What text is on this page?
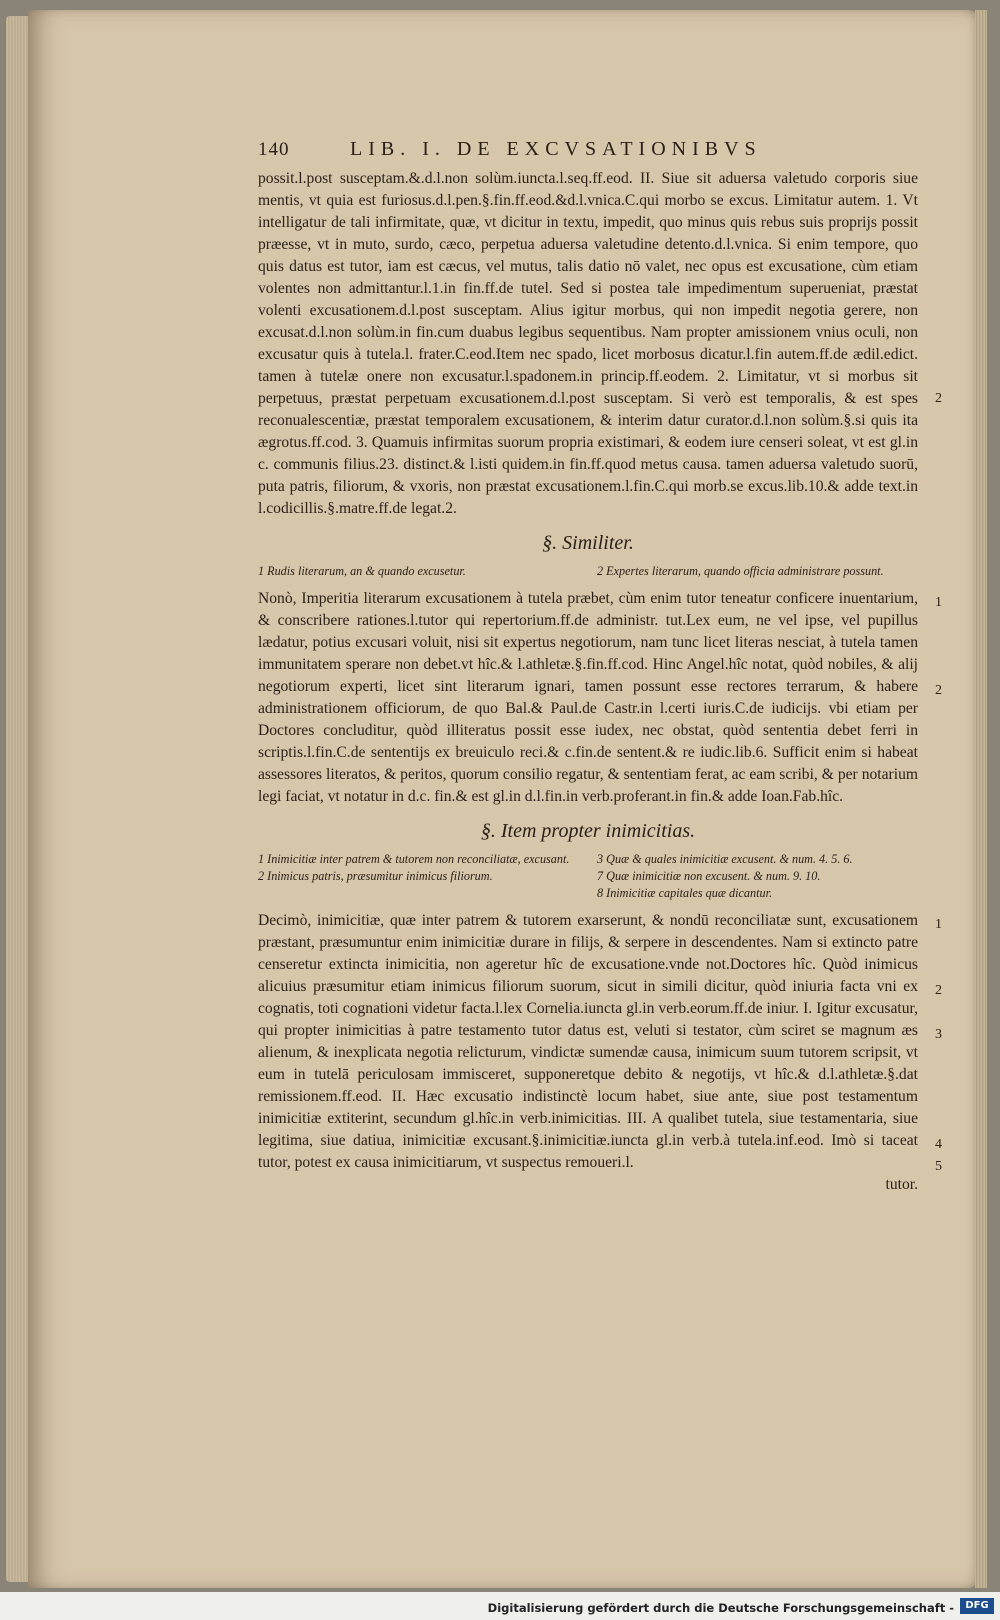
140	LIB. I. DE EXCVSATIONIBVS

possit.l.post susceptam.&.d.l.non solùm.iuncta.l.seq.ff.eod. II. Siue sit aduersa valetudo corporis siue mentis, vt quia est furiosus.d.l.pen.§.fin.ff.eod.&d.l.vnica.C.qui morbo se excus. Limitatur autem. 1. Vt intelligatur de tali infirmitate, quæ, vt dicitur in textu, impedit, quo minus quis rebus suis proprijs possit præesse, vt in muto, surdo, cæco, perpetua aduersa valetudine detento.d.l.vnica. Si enim tempore, quo quis datus est tutor, iam est cæcus, vel mutus, talis datio nō valet, nec opus est excusatione, cùm etiam volentes non admittantur.l.1.in fin.ff.de tutel. Sed si postea tale impedimentum superueniat, præstat volenti excusationem.d.l.post susceptam. Alius igitur morbus, qui non impedit negotia gerere, non excusat.d.l.non solùm.in fin.cum duabus legibus sequentibus. Nam propter amissionem vnius oculi, non excusatur quis à tutela.l. frater.C.eod.Item nec spado, licet morbosus dicatur.l.fin autem.ff.de ædil.edict. tamen à tutelæ onere non excusatur.l.spadonem.in princip.ff.eodem. 2. Limitatur, vt si morbus sit perpetuus, præstat perpetuam excusationem.d.l.post susceptam. Si verò est temporalis, & est spes reconualescentiæ, præstat temporalem excusationem, & interim datur curator.d.l.non solùm.§.si quis ita ægrotus.ff.cod. 3. Quamuis infirmitas suorum propria existimari, & eodem iure censeri soleat, vt est gl.in c. communis filius.23. distinct.& l.isti quidem.in fin.ff.quod metus causa. tamen aduersa valetudo suorū, puta patris, filiorum, & vxoris, non præstat excusationem.l.fin.C.qui morb.se excus.lib.10.& adde text.in l.codicillis.§.matre.ff.de legat.2.
2

§. Similiter.
1 Rudis literarum, an & quando excusetur.	2 Expertes literarum, quando officia administrare possunt.

Nonò, Imperitia literarum excusationem à tutela præbet, cùm enim tutor teneatur conficere inuentarium, & conscribere rationes.l.tutor qui repertorium.ff.de administr. tut.Lex eum, ne vel ipse, vel pupillus lædatur, potius excusari voluit, nisi sit expertus negotiorum, nam tunc licet literas nesciat, à tutela tamen immunitatem sperare non debet.vt hîc.& l.athletæ.§.fin.ff.cod. Hinc Angel.hîc notat, quòd nobiles, & alij negotiorum experti, licet sint literarum ignari, tamen possunt esse rectores terrarum, & habere administrationem officiorum, de quo Bal.& Paul.de Castr.in l.certi iuris.C.de iudicijs. vbi etiam per Doctores concluditur, quòd illiteratus possit esse iudex, nec obstat, quòd sententia debet ferri in scriptis.l.fin.C.de sententijs ex breuiculo reci.& c.fin.de sentent.& re iudic.lib.6. Sufficit enim si habeat assessores literatos, & peritos, quorum consilio regatur, & sententiam ferat, ac eam scribi, & per notarium legi faciat, vt notatur in d.c. fin.& est gl.in d.l.fin.in verb.proferant.in fin.& adde Ioan.Fab.hîc.
1
2

§. Item propter inimicitias.
1 Inimicitiæ inter patrem & tutorem non reconciliatæ, excusant.	3 Quæ & quales inimicitiæ excusent. & num. 4. 5. 6.
2 Inimicus patris, præsumitur inimicus filiorum.	7 Quæ inimicitiæ non excusent. & num. 9. 10.
8 Inimicitiæ capitales quæ dicantur.

Decimò, inimicitiæ, quæ inter patrem & tutorem exarserunt, & nondū reconciliatæ sunt, excusationem præstant, præsumuntur enim inimicitiæ durare in filijs, & serpere in descendentes. Nam si extincto patre censeretur extincta inimicitia, non ageretur hîc de excusatione.vnde not.Doctores hîc. Quòd inimicus alicuius præsumitur etiam inimicus filiorum suorum, sicut in simili dicitur, quòd iniuria facta vni ex cognatis, toti cognationi videtur facta.l.lex Cornelia.iuncta gl.in verb.eorum.ff.de iniur. I. Igitur excusatur, qui propter inimicitias à patre testamento tutor datus est, veluti si testator, cùm sciret se magnum æs alienum, & inexplicata negotia relicturum, vindictæ sumendæ causa, inimicum suum tutorem scripsit, vt eum in tutelā periculosam immisceret, supponeretque debito & negotijs, vt hîc.& d.l.athletæ.§.dat remissionem.ff.eod. II. Hæc excusatio indistinctè locum habet, siue ante, siue post testamentum inimicitiæ extiterint, secundum gl.hîc.in verb.inimicitias. III. A qualibet tutela, siue testamentaria, siue legitima, siue datiua, inimicitiæ excusant.§.inimicitiæ.iuncta gl.in verb.à tutela.inf.eod. Imò si taceat tutor, potest ex causa inimicitiarum, vt suspectus remoueri.l.
1
2
3
4
5

tutor.
Digitalisierung gefördert durch die Deutsche Forschungsgemeinschaft -	DFG
